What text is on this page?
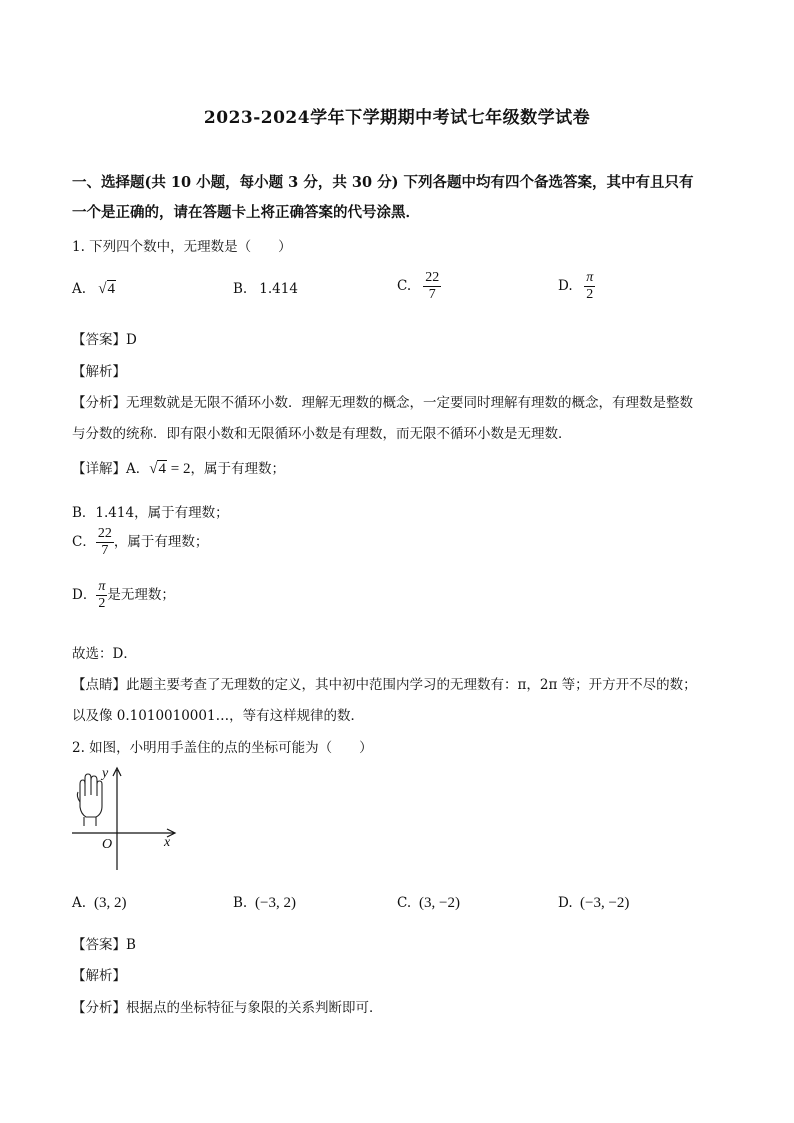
2023-2024学年下学期期中考试七年级数学试卷
一、选择题(共 10 小题，每小题 3 分，共 30 分) 下列各题中均有四个备选答案，其中有且只有
一个是正确的，请在答题卡上将正确答案的代号涂黑．
1. 下列四个数中，无理数是（　　）
A. √4	B. 1.414	C. $\frac{22}{7}$	D. $\frac{\pi}{2}$
【答案】D
【解析】
【分析】无理数就是无限不循环小数．理解无理数的概念，一定要同时理解有理数的概念，有理数是整数
与分数的统称．即有限小数和无限循环小数是有理数，而无限不循环小数是无理数．
【详解】A．√4 = 2，属于有理数；
B．1.414，属于有理数；
C． $\frac{22}{7}$ ，属于有理数；
D． $\frac{\pi}{2}$ 是无理数；
故选：D．
【点睛】此题主要考查了无理数的定义，其中初中范围内学习的无理数有：π，2π 等；开方开不尽的数；
以及像 0.1010010001…，等有这样规律的数．
2. 如图，小明用手盖住的点的坐标可能为（　　）
y
x
O
A. (3, 2)	B. (−3, 2)	C. (3, −2)	D. (−3, −2)
【答案】B
【解析】
【分析】根据点的坐标特征与象限的关系判断即可．
